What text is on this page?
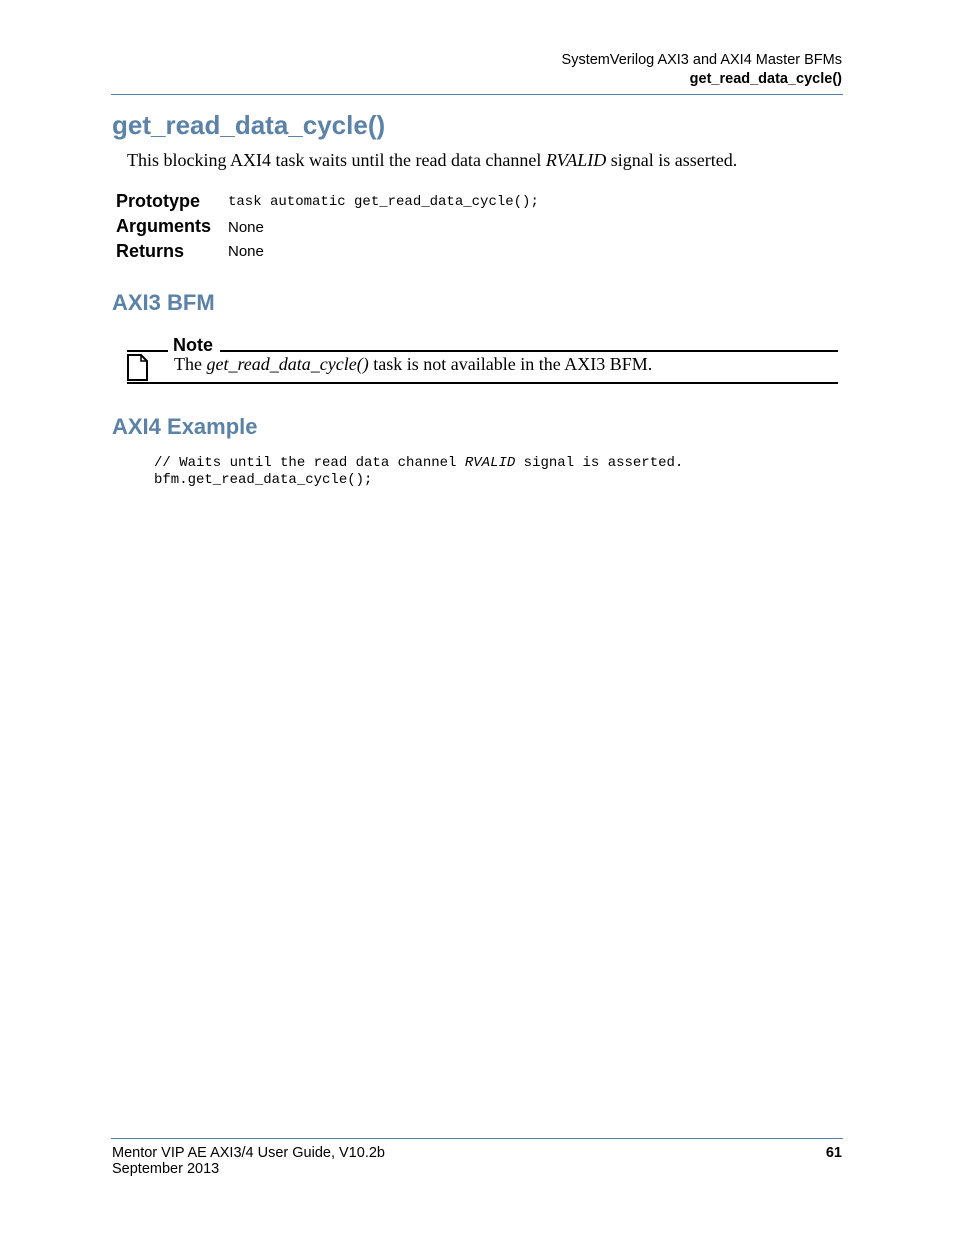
SystemVerilog AXI3 and AXI4 Master BFMs
get_read_data_cycle()
get_read_data_cycle()
This blocking AXI4 task waits until the read data channel RVALID signal is asserted.
Prototype task automatic get_read_data_cycle();
Arguments None
Returns	None
AXI3 BFM
Note
The get_read_data_cycle() task is not available in the AXI3 BFM.
AXI4 Example
// Waits until the read data channel RVALID signal is asserted.
bfm.get_read_data_cycle();
Mentor VIP AE AXI3/4 User Guide, V10.2b
September 2013
61
